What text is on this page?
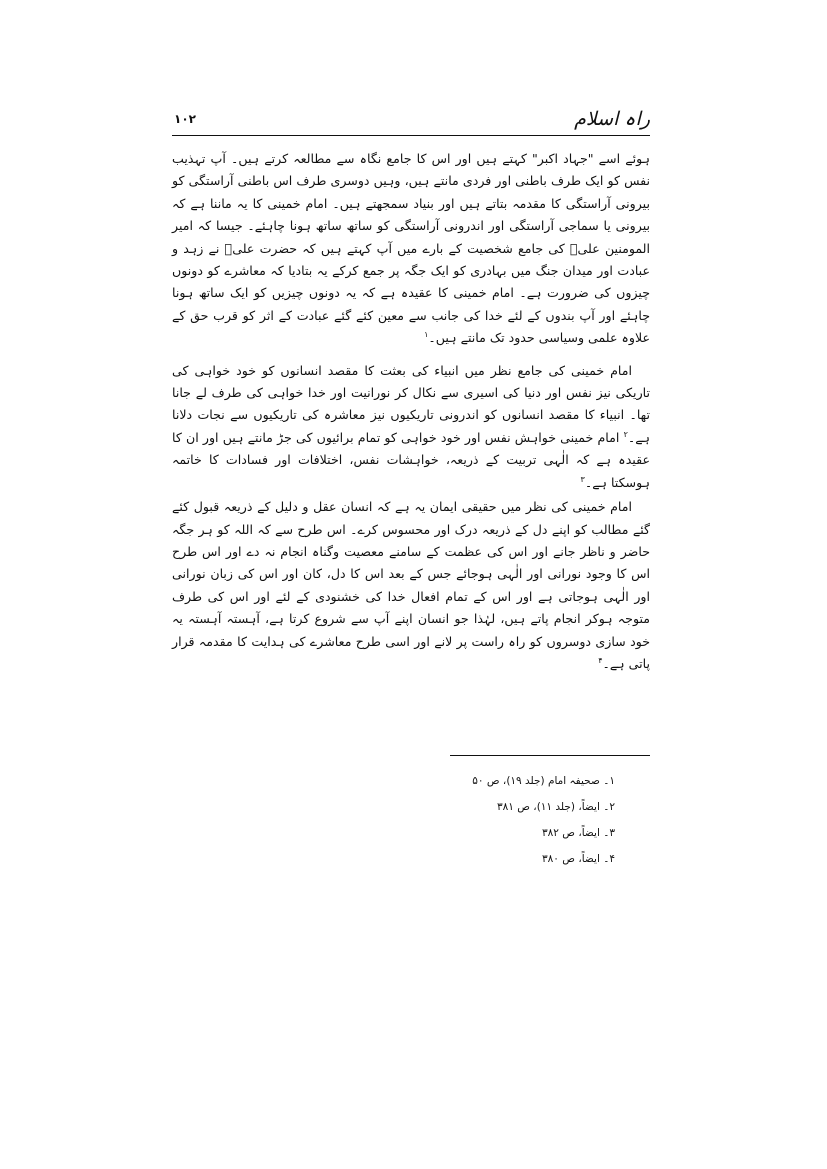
راہ اسلام
۱۰۲

ہوئے اسے "جہاد اکبر" کہتے ہیں اور اس کا جامع نگاہ سے مطالعہ کرتے ہیں۔ آپ تہذیب نفس کو ایک طرف باطنی اور فردی مانتے ہیں، وہیں دوسری طرف اس باطنی آراستگی کو بیرونی آراستگی کا مقدمہ بتاتے ہیں اور بنیاد سمجھتے ہیں۔ امام خمینی کا یہ ماننا ہے کہ بیرونی یا سماجی آراستگی اور اندرونی آراستگی کو ساتھ ساتھ ہونا چاہئے۔ جیسا کہ امیر المومنین علیؑ کی جامع شخصیت کے بارے میں آپ کہتے ہیں کہ حضرت علیؑ نے زہد و عبادت اور میدان جنگ میں بہادری کو ایک جگہ پر جمع کرکے یہ بتادیا کہ معاشرے کو دونوں چیزوں کی ضرورت ہے۔ امام خمینی کا عقیدہ ہے کہ یہ دونوں چیزیں کو ایک ساتھ ہونا چاہئے اور آپ بندوں کے لئے خدا کی جانب سے معین کئے گئے عبادت کے اثر کو قرب حق کے علاوہ علمی وسیاسی حدود تک مانتے ہیں۔$^۱$

امام خمینی کی جامع نظر میں انبیاء کی بعثت کا مقصد انسانوں کو خود خواہی کی تاریکی نیز نفس اور دنیا کی اسیری سے نکال کر نورانیت اور خدا خواہی کی طرف لے جانا تھا۔ انبیاء کا مقصد انسانوں کو اندرونی تاریکیوں نیز معاشرہ کی تاریکیوں سے نجات دلانا ہے۔$^۲$ امام خمینی خواہش نفس اور خود خواہی کو تمام برائیوں کی جڑ مانتے ہیں اور ان کا عقیدہ ہے کہ الٰہی تربیت کے ذریعہ، خواہشات نفس، اختلافات اور فسادات کا خاتمہ ہوسکتا ہے۔$^۳$

امام خمینی کی نظر میں حقیقی ایمان یہ ہے کہ انسان عقل و دلیل کے ذریعہ قبول کئے گئے مطالب کو اپنے دل کے ذریعہ درک اور محسوس کرے۔ اس طرح سے کہ اللہ کو ہر جگہ حاضر و ناظر جانے اور اس کی عظمت کے سامنے معصیت وگناہ انجام نہ دے اور اس طرح اس کا وجود نورانی اور الٰہی ہوجائے جس کے بعد اس کا دل، کان اور اس کی زبان نورانی اور الٰہی ہوجاتی ہے اور اس کے تمام افعال خدا کی خشنودی کے لئے اور اس کی طرف متوجہ ہوکر انجام پاتے ہیں، لہٰذا جو انسان اپنے آپ سے شروع کرتا ہے، آہستہ آہستہ یہ خود سازی دوسروں کو راہ راست پر لانے اور اسی طرح معاشرے کی ہدایت کا مقدمہ قرار پاتی ہے۔$^۴$

۱۔ صحیفہ امام (جلد ۱۹)، ص ۵۰
۲۔ ایضاً، (جلد ۱۱)، ص ۳۸۱
۳۔ ایضاً، ص ۳۸۲
۴۔ ایضاً، ص ۳۸۰
